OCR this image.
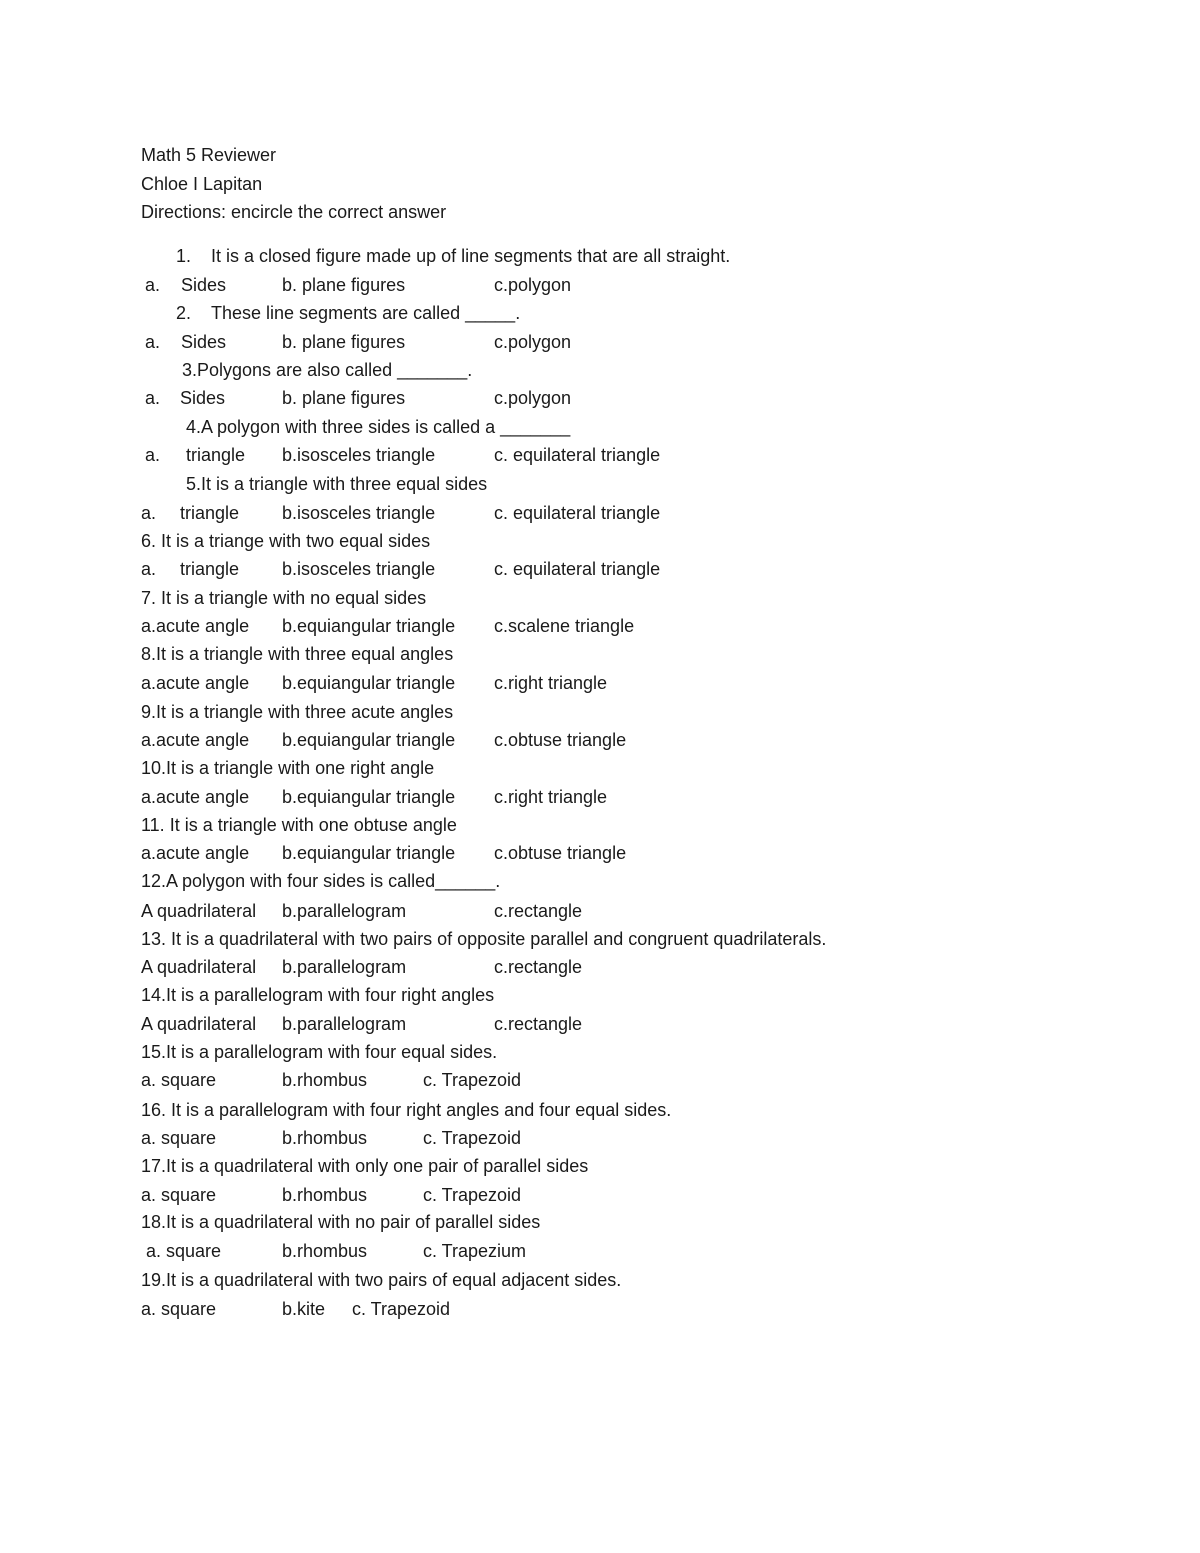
Math 5 Reviewer
Chloe I Lapitan
Directions: encircle the correct answer
1. It is a closed figure made up of line segments that are all straight.
a. Sides	b. plane figures	c.polygon
2. These line segments are called _____.
a. Sides	b. plane figures	c.polygon
3.Polygons are also called _______.
a. Sides	b. plane figures	c.polygon
4.A polygon with three sides is called a _______
a. triangle b.isosceles triangle	c. equilateral triangle
5.It is a triangle with three equal sides
a. triangle b.isosceles triangle	c. equilateral triangle
6. It is a triange with two equal sides
a. triangle b.isosceles triangle	c. equilateral triangle
7. It is a triangle with no equal sides
a.acute angle b.equiangular triangle c.scalene triangle
8.It is a triangle with three equal angles
a.acute angle b.equiangular triangle c.right triangle
9.It is a triangle with three acute angles
a.acute angle b.equiangular triangle c.obtuse triangle
10.It is a triangle with one right angle
a.acute angle b.equiangular triangle c.right triangle
11. It is a triangle with one obtuse angle
a.acute angle b.equiangular triangle c.obtuse triangle
12.A polygon with four sides is called______.
A quadrilateral b.parallelogram	c.rectangle
13. It is a quadrilateral with two pairs of opposite parallel and congruent quadrilaterals.
A quadrilateral b.parallelogram	c.rectangle
14.It is a parallelogram with four right angles
A quadrilateral b.parallelogram	c.rectangle
15.It is a parallelogram with four equal sides.
a. square	b.rhombus	c. Trapezoid
16. It is a parallelogram with four right angles and four equal sides.
a. square	b.rhombus	c. Trapezoid
17.It is a quadrilateral with only one pair of parallel sides
a. square	b.rhombus	c. Trapezoid
18.It is a quadrilateral with no pair of parallel sides
a. square	b.rhombus	c. Trapezium
19.It is a quadrilateral with two pairs of equal adjacent sides.
a. square	b.kite c. Trapezoid
